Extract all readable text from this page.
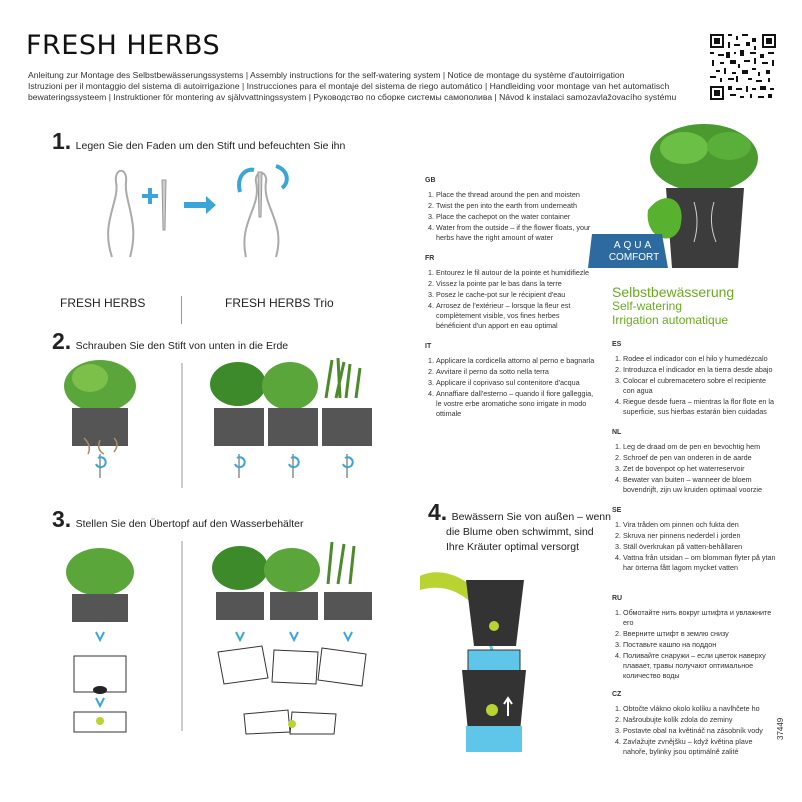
FRESH HERBS
Anleitung zur Montage des Selbstbewässerungssystems | Assembly instructions for the self-watering system | Notice de montage du système d'autoirrigation
Istruzioni per il montaggio del sistema di autoirrigazione | Instrucciones para el montaje del sistema de riego automático | Handleiding voor montage van het automatisch
bewateringssysteem | Instruktioner för montering av självvattningssystem | Руководство по сборке системы самополива | Návod k instalaci samozavlažovacího systému
1. Legen Sie den Faden um den Stift und befeuchten Sie ihn
FRESH HERBS	FRESH HERBS Trio
2. Schrauben Sie den Stift von unten in die Erde
3. Stellen Sie den Übertopf auf den Wasserbehälter	4. Bewässern Sie von außen – wenn
die Blume oben schwimmt, sind
Ihre Kräuter optimal versorgt
GB
1. Place the thread around the pen and moisten
2. Twist the pen into the earth from underneath
3. Place the cachepot on the water container
4. Water from the outside – if the flower floats, your herbs have the right amount of water
FR
1. Entourez le fil autour de la pointe et humidifiezle
2. Vissez la pointe par le bas dans la terre
3. Posez le cache-pot sur le récipient d'eau
4. Arrosez de l'extérieur – lorsque la fleur est complètement visible, vos fines herbes bénéficient d'un apport en eau optimal
IT
1. Applicare la cordicella attorno al perno e bagnarla
2. Avvitare il perno da sotto nella terra
3. Applicare il coprivaso sul contenitore d'acqua
4. Annaffiare dall'esterno – quando il fiore galleggia, le vostre erbe aromatiche sono irrigate in modo ottimale
AQUA
COMFORT
Selbstbewässerung
Self-watering
Irrigation automatique
ES
1. Rodee el indicador con el hilo y humedézcalo
2. Introduzca el indicador en la tierra desde abajo
3. Colocar el cubremacetero sobre el recipiente con agua
4. Riegue desde fuera – mientras la flor flote en la superficie, sus hierbas estarán bien cuidadas
NL
1. Leg de draad om de pen en bevochtig hem
2. Schroef de pen van onderen in de aarde
3. Zet de bovenpot op het waterreservoir
4. Bewater van buiten – wanneer de bloem bovendrijft, zijn uw kruiden optimaal voorzie
SE
1. Vira tråden om pinnen och fukta den
2. Skruva ner pinnens nederdel i jorden
3. Ställ överkrukan på vatten-behållaren
4. Vattna från utsidan – om blomman flyter på ytan har örterna fått lagom mycket vatten
RU
1. Обмотайте нить вокруг штифта и увлажните его
2. Вверните штифт в землю снизу
3. Поставьте кашпо на поддон
4. Поливайте снаружи – если цветок наверху плавает, травы получают оптимальное количество воды
CZ
1. Obtočte vlákno okolo kolíku a navlhčete ho
2. Našroubujte kolík zdola do zeminy
3. Postavte obal na květináč na zásobník vody
4. Zavlažujte zvnějšku – když květina plave nahoře, bylinky jsou optimálně zalité
37449
